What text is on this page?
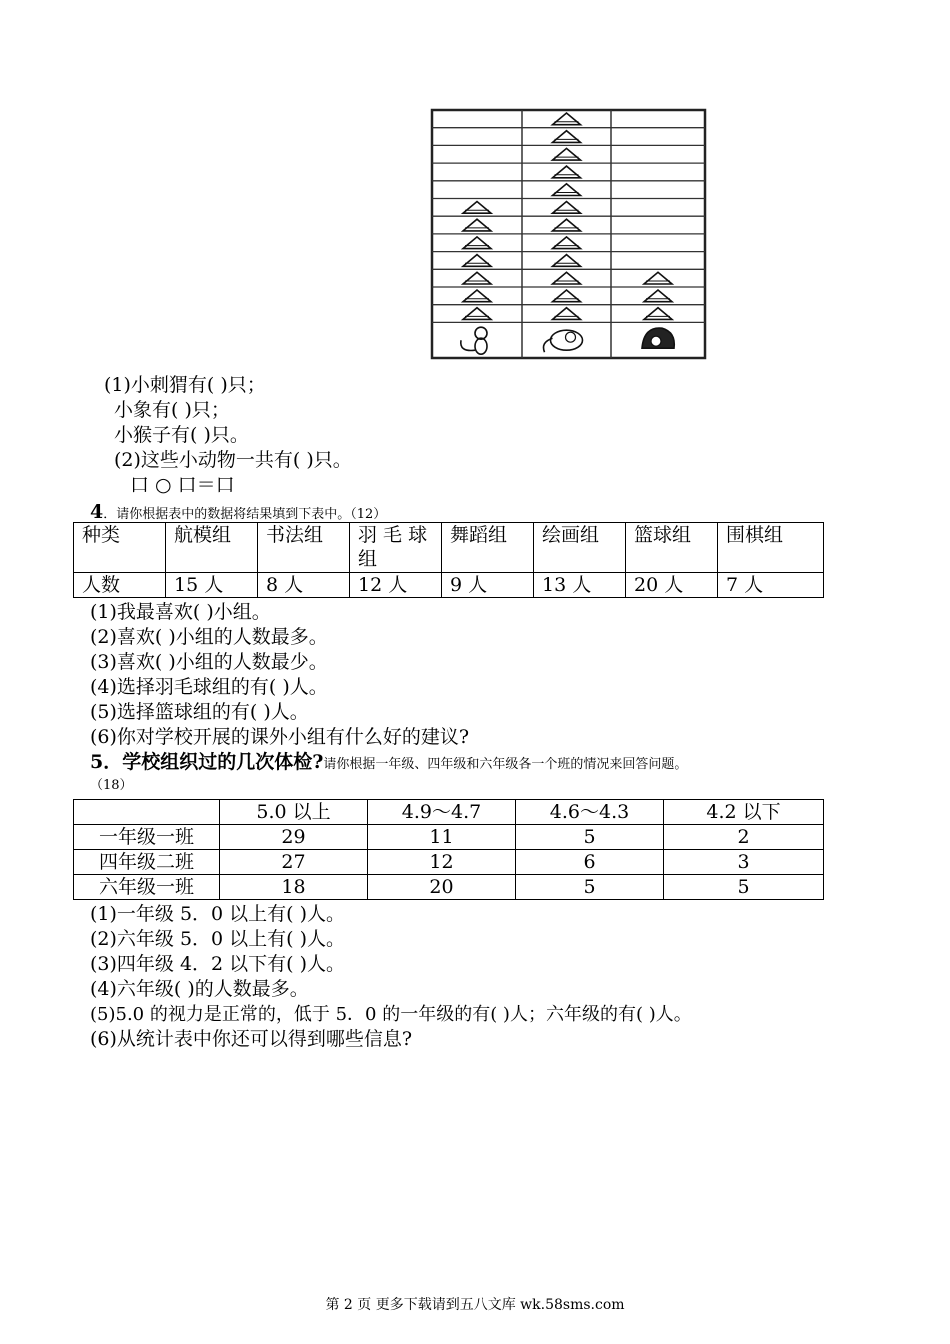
(1)小刺猬有( )只；
小象有( )只；
小猴子有( )只。
(2)这些小动物一共有( )只。
口 ○ 口＝口
4．请你根据表中的数据将结果填到下表中。（12）
种类	航模组	书法组	羽 毛 球组	舞蹈组	绘画组	篮球组	围棋组
人数	15 人	8 人	12 人	9 人	13 人	20 人	7 人
(1)我最喜欢( )小组。
(2)喜欢( )小组的人数最多。
(3)喜欢( )小组的人数最少。
(4)选择羽毛球组的有( )人。
(5)选择篮球组的有( )人。
(6)你对学校开展的课外小组有什么好的建议?
5．学校组织过的几次体检?请你根据一年级、四年级和六年级各一个班的情况来回答问题。
（18）
	5.0 以上	4.9～4.7	4.6～4.3	4.2 以下
一年级一班	29	11	5	2
四年级二班	27	12	6	3
六年级一班	18	20	5	5
(1)一年级 5．0 以上有( )人。
(2)六年级 5．0 以上有( )人。
(3)四年级 4．2 以下有( )人。
(4)六年级( )的人数最多。
(5)5.0 的视力是正常的，低于 5．0 的一年级的有( )人；六年级的有( )人。
(6)从统计表中你还可以得到哪些信息?
第 2 页 更多下载请到五八文库 wk.58sms.com
